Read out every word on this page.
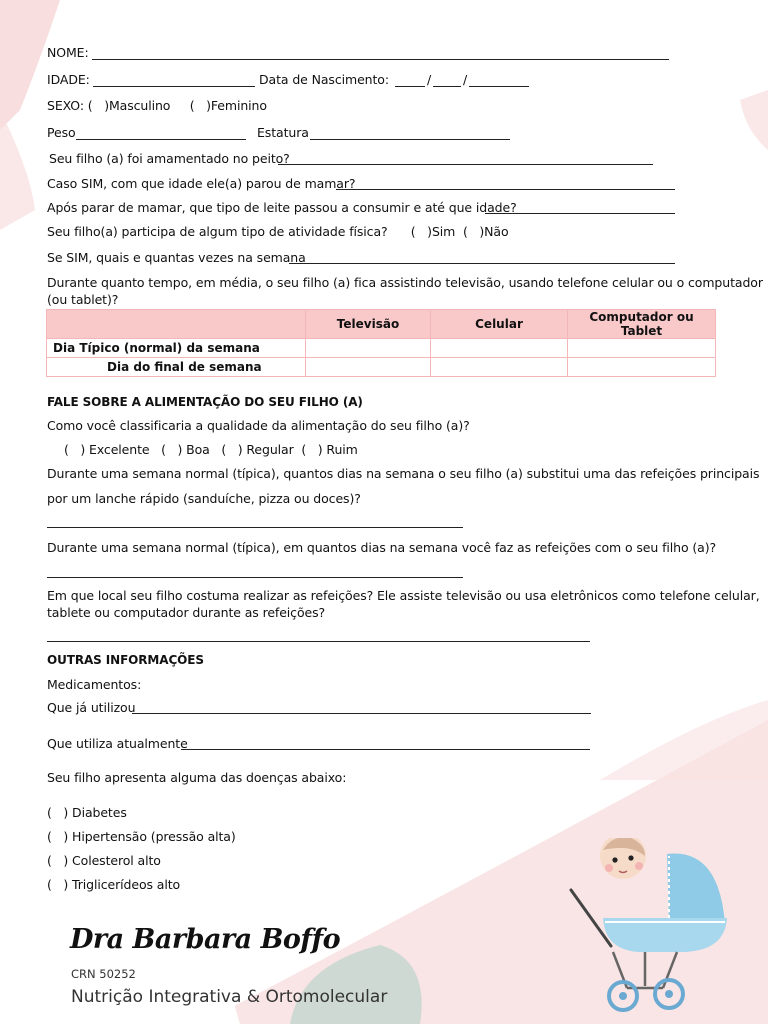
NOME:
IDADE:	Data de Nascimento:	/	/
SEXO: (   )Masculino     (   )Feminino
Peso	Estatura
Seu filho (a) foi amamentado no peito?
Caso SIM, com que idade ele(a) parou de mamar?
Após parar de mamar, que tipo de leite passou a consumir e até que idade?
Seu filho(a) participa de algum tipo de atividade física?      (   )Sim  (   )Não
Se SIM, quais e quantas vezes na semana
Durante quanto tempo, em média, o seu filho (a) fica assistindo televisão, usando telefone celular ou o computador
(ou tablet)?
	Televisão	Celular	Computador ou Tablet
Dia Típico (normal) da semana			
Dia do final de semana			
FALE SOBRE A ALIMENTAÇÃO DO SEU FILHO (A)
Como você classificaria a qualidade da alimentação do seu filho (a)?
(   ) Excelente   (   ) Boa   (   ) Regular  (   ) Ruim
Durante uma semana normal (típica), quantos dias na semana o seu filho (a) substitui uma das refeições principais
por um lanche rápido (sanduíche, pizza ou doces)?
Durante uma semana normal (típica), em quantos dias na semana você faz as refeições com o seu filho (a)?
Em que local seu filho costuma realizar as refeições? Ele assiste televisão ou usa eletrônicos como telefone celular,
tablete ou computador durante as refeições?
OUTRAS INFORMAÇÕES
Medicamentos:
Que já utilizou
Que utiliza atualmente
Seu filho apresenta alguma das doenças abaixo:
(   ) Diabetes
(   ) Hipertensão (pressão alta)
(   ) Colesterol alto
(   ) Triglicerídeos alto
Dra Barbara Boffo
CRN 50252
Nutrição Integrativa & Ortomolecular
